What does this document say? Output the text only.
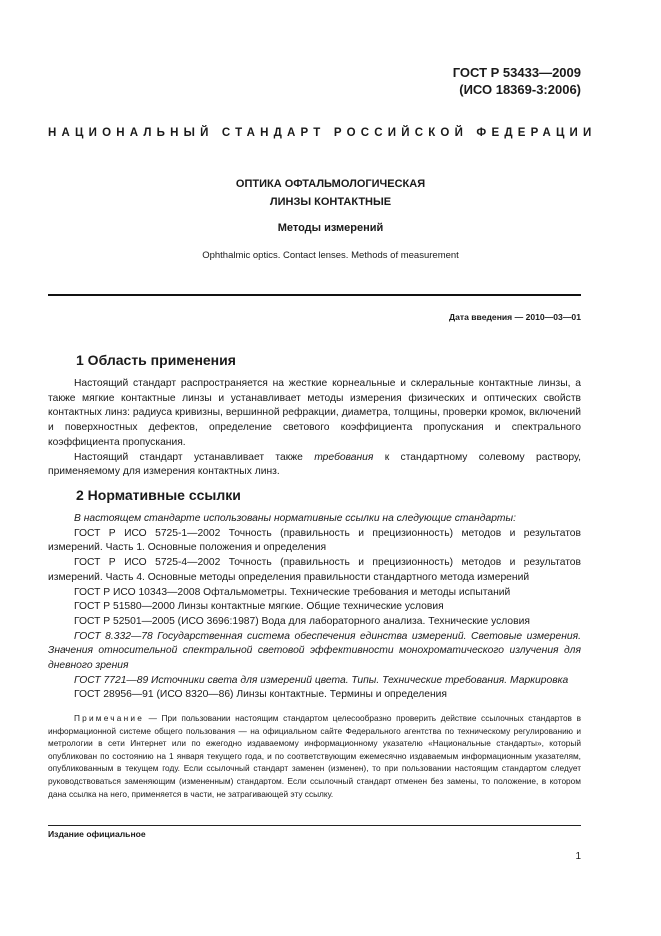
ГОСТ Р 53433—2009
(ИСО 18369-3:2006)
НАЦИОНАЛЬНЫЙ СТАНДАРТ РОССИЙСКОЙ ФЕДЕРАЦИИ
ОПТИКА ОФТАЛЬМОЛОГИЧЕСКАЯ
ЛИНЗЫ КОНТАКТНЫЕ
Методы измерений
Ophthalmic optics. Contact lenses. Methods of measurement
Дата введения — 2010—03—01
1 Область применения

Настоящий стандарт распространяется на жесткие корнеальные и склеральные контактные линзы, а также мягкие контактные линзы и устанавливает методы измерения физических и оптических свойств контактных линз: радиуса кривизны, вершинной рефракции, диаметра, толщины, проверки кромок, включений и поверхностных дефектов, определение светового коэффициента пропускания и спектрального коэффициента пропускания.

Настоящий стандарт устанавливает также требования к стандартному солевому раствору, применяемому для измерения контактных линз.

2 Нормативные ссылки
В настоящем стандарте использованы нормативные ссылки на следующие стандарты:
ГОСТ Р ИСО 5725-1—2002 Точность (правильность и прецизионность) методов и результатов измерений. Часть 1. Основные положения и определения
ГОСТ Р ИСО 5725-4—2002 Точность (правильность и прецизионность) методов и результатов измерений. Часть 4. Основные методы определения правильности стандартного метода измерений
ГОСТ Р ИСО 10343—2008 Офтальмометры. Технические требования и методы испытаний
ГОСТ Р 51580—2000 Линзы контактные мягкие. Общие технические условия
ГОСТ Р 52501—2005 (ИСО 3696:1987) Вода для лабораторного анализа. Технические условия
ГОСТ 8.332—78 Государственная система обеспечения единства измерений. Световые измерения. Значения относительной спектральной световой эффективности монохроматического излучения для дневного зрения
ГОСТ 7721—89 Источники света для измерений цвета. Типы. Технические требования. Маркировка
ГОСТ 28956—91 (ИСО 8320—86) Линзы контактные. Термины и определения

Примечание — При пользовании настоящим стандартом целесообразно проверить действие ссылочных стандартов в информационной системе общего пользования — на официальном сайте Федерального агентства по техническому регулированию и метрологии в сети Интернет или по ежегодно издаваемому информационному указателю «Национальные стандарты», который опубликован по состоянию на 1 января текущего года, и по соответствующим ежемесячно издаваемым информационным указателям, опубликованным в текущем году. Если ссылочный стандарт заменен (изменен), то при пользовании настоящим стандартом следует руководствоваться заменяющим (измененным) стандартом. Если ссылочный стандарт отменен без замены, то положение, в котором дана ссылка на него, применяется в части, не затрагивающей эту ссылку.

Издание официальное
1
